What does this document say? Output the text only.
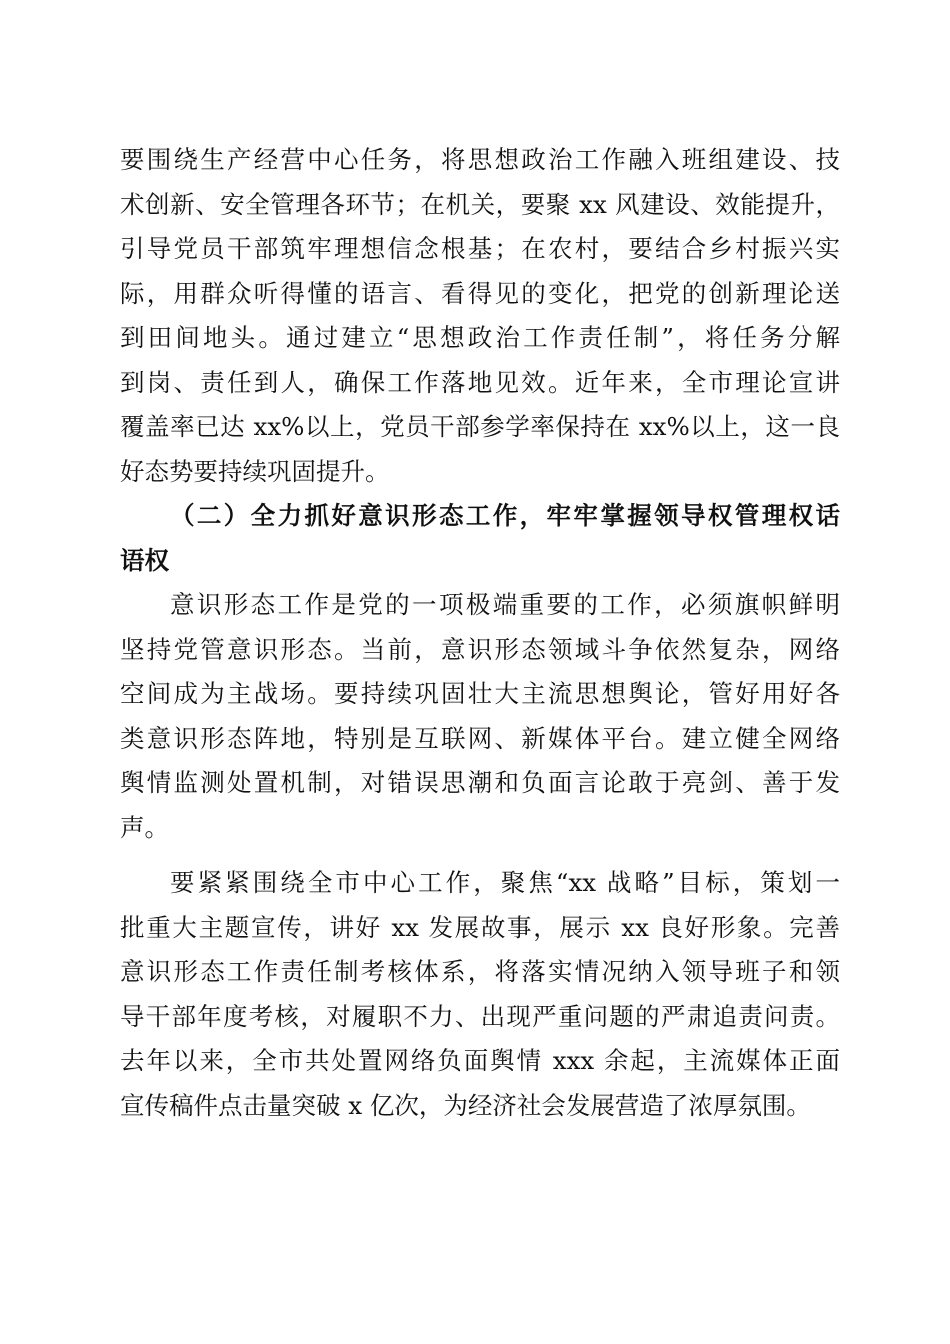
要围绕生产经营中心任务，将思想政治工作融入班组建设、技
术创新、安全管理各环节；在机关，要聚 xx 风建设、效能提升，
引导党员干部筑牢理想信念根基；在农村，要结合乡村振兴实
际，用群众听得懂的语言、看得见的变化，把党的创新理论送
到田间地头。通过建立“思想政治工作责任制”，将任务分解
到岗、责任到人，确保工作落地见效。近年来，全市理论宣讲
覆盖率已达 xx%以上，党员干部参学率保持在 xx%以上，这一良
好态势要持续巩固提升。
（二）全力抓好意识形态工作，牢牢掌握领导权管理权话
语权
意识形态工作是党的一项极端重要的工作，必须旗帜鲜明
坚持党管意识形态。当前，意识形态领域斗争依然复杂，网络
空间成为主战场。要持续巩固壮大主流思想舆论，管好用好各
类意识形态阵地，特别是互联网、新媒体平台。建立健全网络
舆情监测处置机制，对错误思潮和负面言论敢于亮剑、善于发
声。
要紧紧围绕全市中心工作，聚焦“xx 战略”目标，策划一
批重大主题宣传，讲好 xx 发展故事，展示 xx 良好形象。完善
意识形态工作责任制考核体系，将落实情况纳入领导班子和领
导干部年度考核，对履职不力、出现严重问题的严肃追责问责。
去年以来，全市共处置网络负面舆情 xxx 余起，主流媒体正面
宣传稿件点击量突破 x 亿次，为经济社会发展营造了浓厚氛围。
